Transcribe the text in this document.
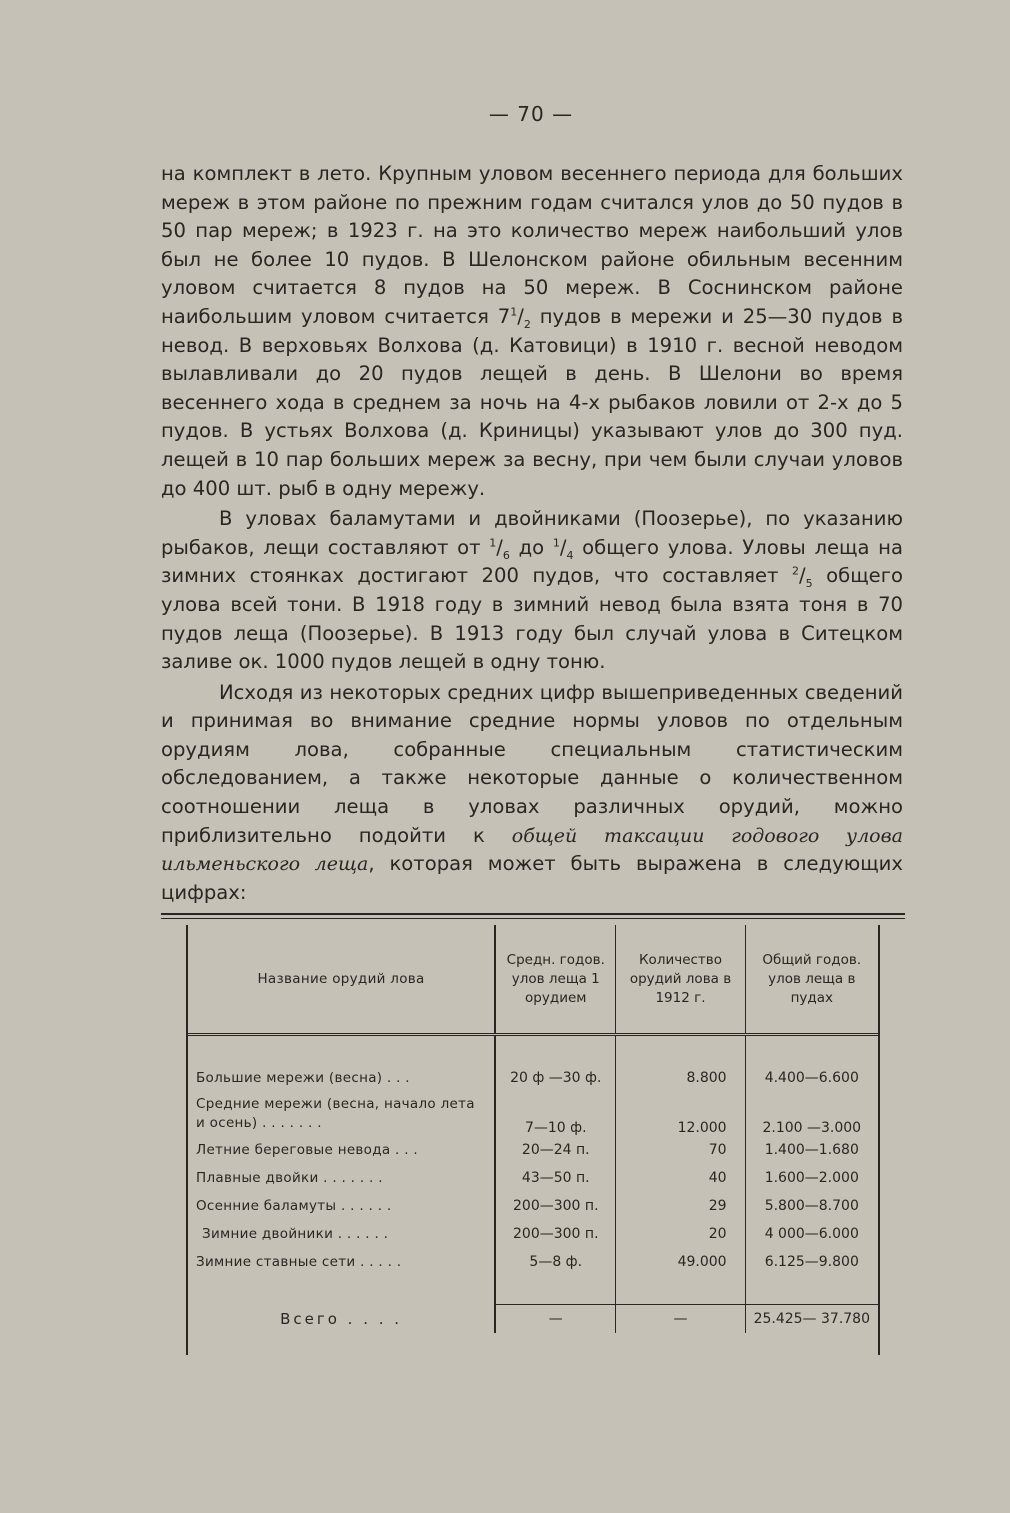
— 70 —

на комплект в лето. Крупным уловом весеннего периода для больших мереж в этом районе по прежним годам считался улов до 50 пудов в 50 пар мереж; в 1923 г. на это количество мереж наибольший улов был не более 10 пудов. В Шелонском районе обильным весенним уловом считается 8 пудов на 50 мереж. В Соснинском районе наибольшим уловом считается $7^1/_2$ пудов в мережи и 25—30 пудов в невод. В верховьях Волхова (д. Катовици) в 1910 г. весной неводом вылавливали до 20 пудов лещей в день. В Шелони во время весеннего хода в среднем за ночь на 4-х рыбаков ловили от 2-х до 5 пудов. В устьях Волхова (д. Криницы) указывают улов до 300 пуд. лещей в 10 пар больших мереж за весну, при чем были случаи уловов до 400 шт. рыб в одну мережу.

В уловах баламутами и двойниками (Поозерье), по указанию рыбаков, лещи составляют от $^1/_6$ до $^1/_4$ общего улова. Уловы леща на зимних стоянках достигают 200 пудов, что составляет $^2/_5$ общего улова всей тони. В 1918 году в зимний невод была взята тоня в 70 пудов леща (Поозерье). В 1913 году был случай улова в Ситецком заливе ок. 1000 пудов лещей в одну тоню.

Исходя из некоторых средних цифр вышеприведенных сведений и принимая во внимание средние нормы уловов по отдельным орудиям лова, собранные специальным статистическим обследованием, а также некоторые данные о количественном соотношении леща в уловах различных орудий, можно приблизительно подойти к общей таксации годового улова ильменьского леща, которая может быть выражена в следующих цифрах:

Название орудий лова	Средн. годов. улов леща 1 орудием	Количество орудий лова в 1912 г.	Общий годов. улов леща в пудах

Большие мережи (весна) . . .	20 ф —30 ф.	8.800	4.400—6.600
Средние мережи (весна, начало лета и осень) . . . . . . .	7—10 ф.	12.000	2.100 —3.000
Летние береговые невода . . .	20—24 п.	70	1.400—1.680
Плавные двойки . . . . . . .	43—50 п.	40	1.600—2.000
Осенние баламуты . . . . . .	200—300 п.	29	5.800—8.700
Зимние двойники . . . . . .	200—300 п.	20	4 000—6.000
Зимние ставные сети . . . . .	5—8 ф.	49.000	6.125—9.800

Всего . . . .	—	—	25.425— 37.780
